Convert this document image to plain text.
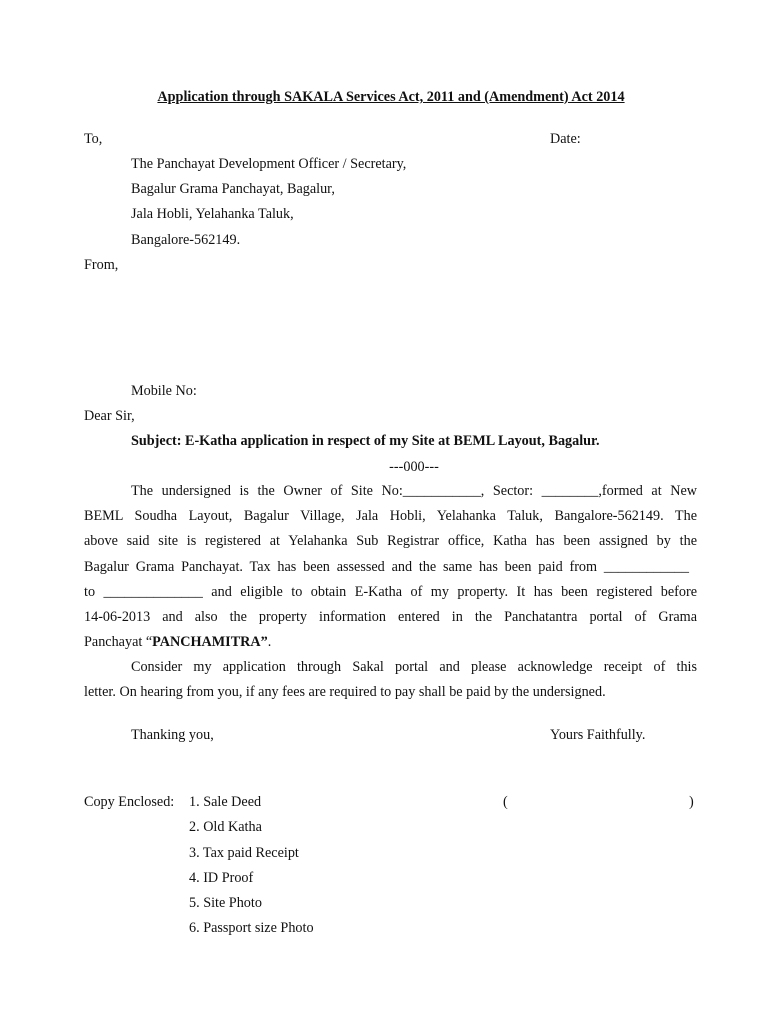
Application through SAKALA Services Act, 2011 and (Amendment) Act 2014
To,	Date:
The Panchayat Development Officer / Secretary,
Bagalur Grama Panchayat, Bagalur,
Jala Hobli, Yelahanka Taluk,
Bangalore-562149.
From,
Mobile No:
Dear Sir,
Subject: E-Katha application in respect of my Site at BEML Layout, Bagalur.
---000---
The undersigned is the Owner of Site No:___________, Sector: ________,formed at New
BEML Soudha Layout, Bagalur Village, Jala Hobli, Yelahanka Taluk, Bangalore-562149. The
above said site is registered at Yelahanka Sub Registrar office, Katha has been assigned by the
Bagalur Grama Panchayat. Tax has been assessed and the same has been paid from ____________
to ______________ and eligible to obtain E-Katha of my property. It has been registered before
14-06-2013 and also the property information entered in the Panchatantra portal of Grama
Panchayat “PANCHAMITRA”.
Consider my application through Sakal portal and please acknowledge receipt of this
letter. On hearing from you, if any fees are required to pay shall be paid by the undersigned.
Thanking you,	Yours Faithfully.
Copy Enclosed: 1. Sale Deed
2. Old Katha
3. Tax paid Receipt
4. ID Proof
5. Site Photo
6. Passport size Photo
(	)
